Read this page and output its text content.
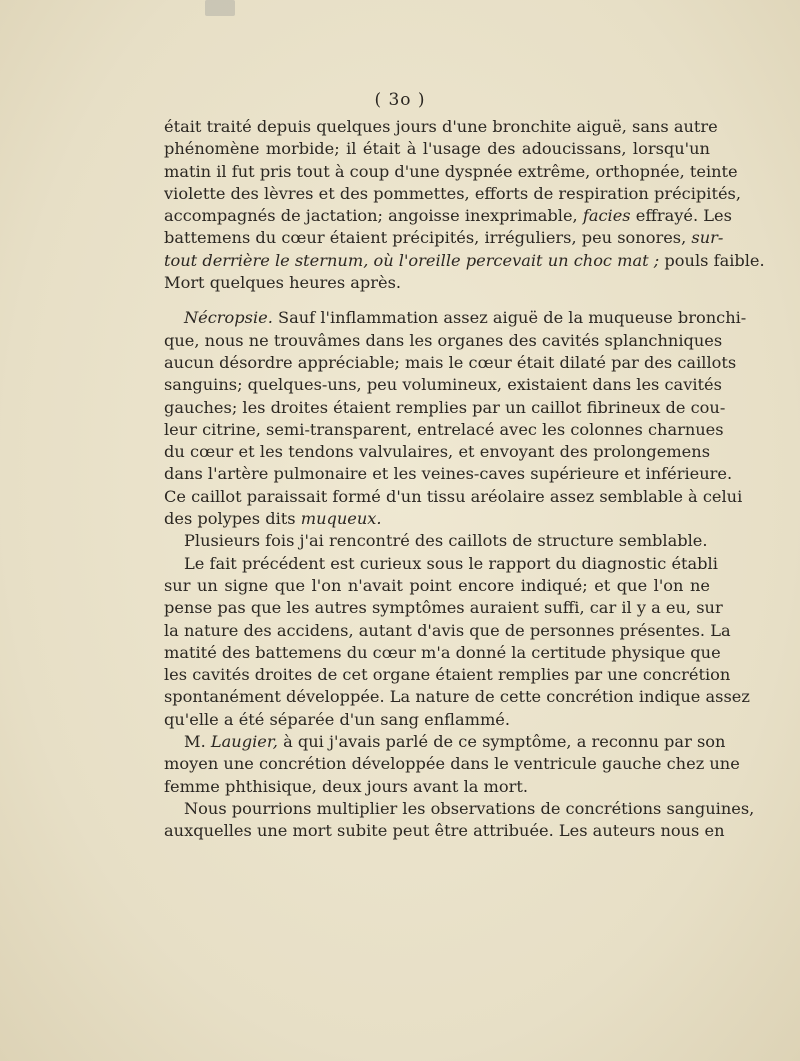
( 3o )
était traité depuis quelques jours d'une bronchite aiguë, sans autre
phénomène morbide; il était à l'usage des adoucissans, lorsqu'un
matin il fut pris tout à coup d'une dyspnée extrême, orthopnée, teinte
violette des lèvres et des pommettes, efforts de respiration précipités,
accompagnés de jactation; angoisse inexprimable, facies effrayé. Les
battemens du cœur étaient précipités, irréguliers, peu sonores, sur-
tout derrière le sternum, où l'oreille percevait un choc mat ; pouls faible.
Mort quelques heures après.
Nécropsie. Sauf l'inflammation assez aiguë de la muqueuse bronchi-
que, nous ne trouvâmes dans les organes des cavités splanchniques
aucun désordre appréciable; mais le cœur était dilaté par des caillots
sanguins; quelques-uns, peu volumineux, existaient dans les cavités
gauches; les droites étaient remplies par un caillot fibrineux de cou-
leur citrine, semi-transparent, entrelacé avec les colonnes charnues
du cœur et les tendons valvulaires, et envoyant des prolongemens
dans l'artère pulmonaire et les veines-caves supérieure et inférieure.
Ce caillot paraissait formé d'un tissu aréolaire assez semblable à celui
des polypes dits muqueux.
Plusieurs fois j'ai rencontré des caillots de structure semblable.
Le fait précédent est curieux sous le rapport du diagnostic établi
sur un signe que l'on n'avait point encore indiqué; et que l'on ne
pense pas que les autres symptômes auraient suffi, car il y a eu, sur
la nature des accidens, autant d'avis que de personnes présentes. La
matité des battemens du cœur m'a donné la certitude physique que
les cavités droites de cet organe étaient remplies par une concrétion
spontanément développée. La nature de cette concrétion indique assez
qu'elle a été séparée d'un sang enflammé.
M. Laugier, à qui j'avais parlé de ce symptôme, a reconnu par son
moyen une concrétion développée dans le ventricule gauche chez une
femme phthisique, deux jours avant la mort.
Nous pourrions multiplier les observations de concrétions sanguines,
auxquelles une mort subite peut être attribuée. Les auteurs nous en
